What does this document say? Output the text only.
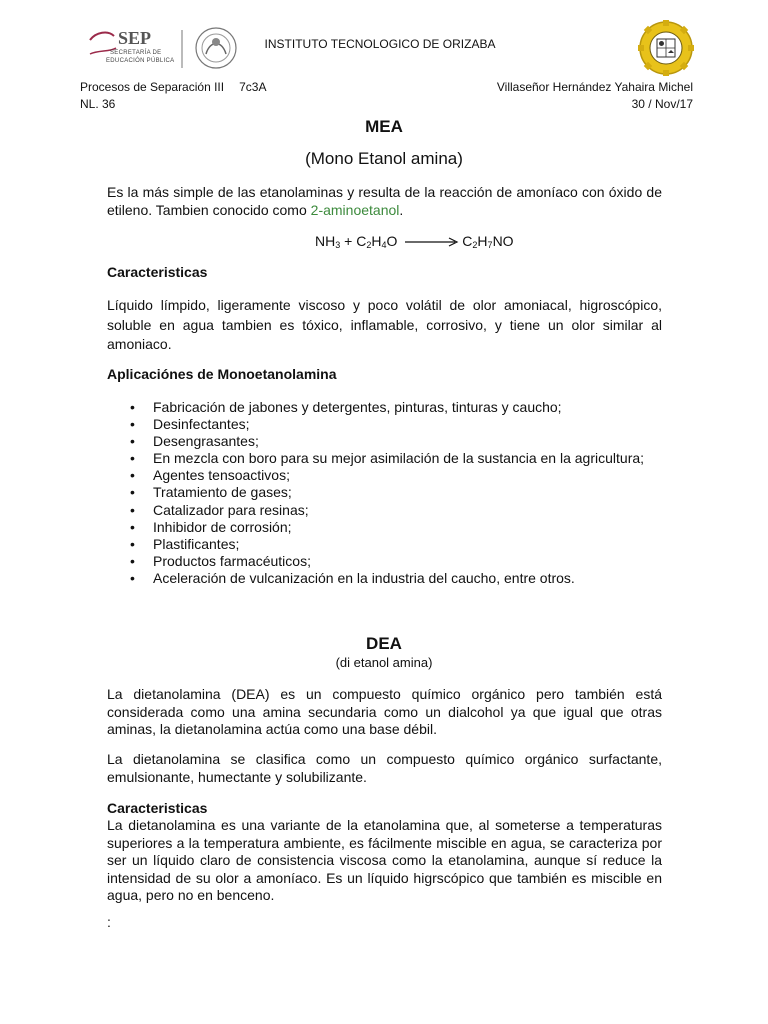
SEP
SECRETARÍA DE
EDUCACIÓN PÚBLICA
INSTITUTO TECNOLOGICO DE ORIZABA
Procesos de Separación III 7c3A
NL. 36
Villaseñor Hernández Yahaira Michel
30 / Nov/17
MEA
(Mono Etanol amina)
Es la más simple de las etanolaminas y resulta de la reacción de amoníaco con óxido de
etileno. Tambien conocido como 2-aminoetanol.
$NH_3 + C_2H_4O \to C_2H_7NO$
Caracteristicas
Líquido límpido, ligeramente viscoso y poco volátil de olor amoniacal, higroscópico, soluble en agua tambien es tóxico, inflamable, corrosivo, y tiene un olor similar al amoniaco.
Aplicaciónes de Monoetanolamina
• Fabricación de jabones y detergentes, pinturas, tinturas y caucho;
• Desinfectantes;
• Desengrasantes;
• En mezcla con boro para su mejor asimilación de la sustancia en la agricultura;
• Agentes tensoactivos;
• Tratamiento de gases;
• Catalizador para resinas;
• Inhibidor de corrosión;
• Plastificantes;
• Productos farmacéuticos;
• Aceleración de vulcanización en la industria del caucho, entre otros.
DEA
(di etanol amina)
La dietanolamina (DEA) es un compuesto químico orgánico pero también está considerada como una amina secundaria como un dialcohol ya que igual que otras aminas, la dietanolamina actúa como una base débil.
La dietanolamina se clasifica como un compuesto químico orgánico surfactante, emulsionante, humectante y solubilizante.
Caracteristicas
La dietanolamina es una variante de la etanolamina que, al someterse a temperaturas superiores a la temperatura ambiente, es fácilmente miscible en agua, se caracteriza por ser un líquido claro de consistencia viscosa como la etanolamina, aunque sí reduce la intensidad de su olor a amoníaco. Es un líquido higrscópico que también es miscible en agua, pero no en benceno.
:
